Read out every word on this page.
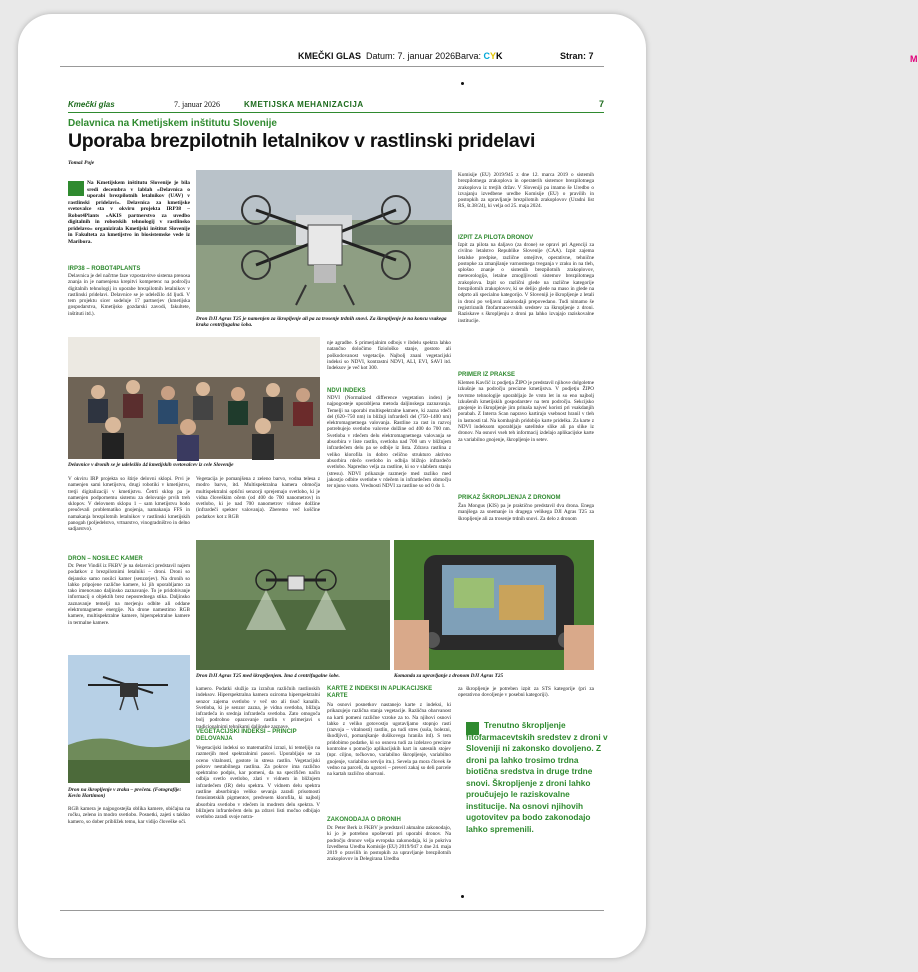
KMEČKI GLAS Datum: 7. januar 2026 Barva: C	M
YK	Stran: 7
Kmečki glas	7. januar 2026	KMETIJSKA MEHANIZACIJA	7
Delavnica na Kmetijskem inštitutu Slovenije
Uporaba brezpilotnih letalnikov v rastlinski pridelavi
Tomaž Poje
Na Kmetijskem inštitutu Slovenije je bila sredi decembra v lablah »Delavnica o uporabi brezpilotnih letalnikov (UAV) v rastlinski pridelavi«. Delavnica za kmetijske svetovalce sta v okviru projekta IRP38 – Robot4Plants »AKIS partnerstvo za uvedbo digitalnih in robotskih tehnologij v rastlinsko pridelavo« organizirala Kmetijski inštitut Slovenije in Fakulteta za kmetijstvo in biosistemske vede iz Maribora.
IRP38 – ROBOT4PLANTS
Delavnica je del načrtne faze vzpostavitve sistema prenosa znanja in je namenjena krepitvi kompetenc na področju digitalnih tehnologij in uporabe brezpilotnih letalnikov v rastlinski pridelavi. Delavnice se je udeležilo 44 ljudi. V tem projektu sicer sodeluje 17 partnerjev (kmetijska gospodarstva, Kmetijsko gozdarski zavodi, fakultete, inštituti itd.).
Dron DJI Agras T25 je namenjen za škropljenje ali pa za trosenje trdnih snovi. Za škropljenje je na koncu vsakega kraka centrifugalna šoba.
Komisije (EU) 2019/945 z dne 12. marca 2019 o sistemih brezpilotnega zrakoplova in operaterih sistemov brezpilotnega zrakoplova iz tretjih držav. V Sloveniji pa imamo še Uredbo o izvajanju izvedbene uredbe Komisije (EU) o pravilih in postopkih za upravljanje brezpilotnih zrakoplovov (Uradni list RS, št.38/24), ki velja od 25. maja 2024.
IZPIT ZA PILOTA DRONOV
Izpit za pilota na daljavo (za drone) se opravi pri Agenciji za civilno letalstvo Republike Slovenije (CAA). Izpit zajema letalske predpise, različne omejitve, operativne, tehnične postopke za zmanjšanje varnostnega tveganja v zraku in na tleh, splošno znanje o sistemih brezpilotnih zrakoplovov, meteorologijo, letalne zmogljivosti sistemov brezpilotnega zrakoplova. Izpit so različni glede na različne kategorije brezpilotnih zrakoplovov, ki se delijo glede na maso in glede na odprto ali specialno kategorijo. V Sloveniji je škropljenje z letali in droni po veljavni zakonodaji prepovedano. Tudi nimamo še registriranih fitofarmacevtskih sredstev za škropljenje z droni. Raziskave s škropljenju z droni pa lahko izvajajo raziskovalne institucije.
PRIMER IZ PRAKSE
Klemen Kavčič iz podjetja ŽIPO je predstavil njihove dolgoletne izkušnje na področju precizne kmetijstva. V podjetju ŽIPO tovrstne tehnologije uporabljajo že vrsto let in so eno najbolj izkušenih kmetijskih gospodarstev na tem področju. Sekcijsko gnojenje in škropljenje jim prinaša najveć koristi pri vsakdanjih porabah. Z Interra Scan napravo kartirajo vsebnost hranil v tleh in lastnosti tal. Na kombajnih pridobijo karte pridelka. Za karte z NDVI indeksom uporabljajo satelitske slike ali pa slike iz dronov. Na osnovi vseh teh informacij izdelajo aplikacijske karte za variabilno gnojenje, škropljenje in setev.
PRIKAZ ŠKROPLJENJA Z DRONOM
Žan Mongus (KIS) pa je praktično predstavil dva drona. Enega manjšega za snemanje in dragega velikega DJI Agras T25 za škropljenje ali za trosenje trdnih snovi. Za delo z dronom
Delavnice v dronih se je udeležilo 44 kmetijskih svetovalcev iz cele Slovenije
V okviru IRP projekta so štirje delovni sklopi. Prvi je namenjen sami kmetijstvu, drugi robotiki v kmetijstvu, tretji digitalizaciji v kmetijstvu. Četrti sklop pa je namenjen podpornemu sistemu za delovanje prvih treh sklopov. V delovnem sklopu 1 – sam kmetijstvu bodo preučevali problematiko gnojenja, namakanja FFS in namakanja brezpilotnih letalnikov v rastlinski kmetijskih panogah (poljedelstvo, vrtnarstvo, vinogradništvo in delno sadjarstvo).
DRON – NOSILEC KAMER
Dr. Peter Vindiš iz FKBV je na delavnici predstavil najem podatkov z brezpilotnimi letalniki – droni. Droni so dejansko samo nosilci kamer (senzorjev). Na dronih so lahko pripojene različne kamere, ki jih uporabljamo za tako imenovano daljinsko zaznavanje. To je pridobivanje informacij o objektih brez neposrednega stika. Daljinsko zaznavanje temelji na merjenju odbite ali oddane elektromagnetne energije. Na drone namestimo RGB kamere, multispektralne kamere, hiperspektralne kamere in termalne kamere.
Vegetacija je pomanjšena z zeleno barvo, vodna telesa z modro barvo, itd. Multispektralna kamera območja multispektralni optični senzorji sprejemajo svetlobo, ki je vidna človeškim očem (od 400 do 700 nanometrov) in svetlobo, ki je nad 700 nanometrov vidnoe dolžine (infrardeči spekter valovanja). Zberemo več koščine podatkov kot z RGB
nje agradbe. S primerjalnim odbojs v ibdelu spektra lahko natančno določimo fiziološko stanje, gostoto ali poškodovanost vegetacije. Najbolj znani vegetacijski indeksi so NDVI, kontrastni NDVI, ALI, EVI, SAVI itd. Indeksov je več kot 300.
NDVI INDEKS
NDVI (Normalized difference vegetation index) je najpogosteje uporabljena metoda daljinskega zaznavanja. Temelji na uporabi multispektralne kamere, ki zazna rdeči del (620–750 nm) in bližnji infrardeči del (750–1400 nm) elektromagnetnega valovanja. Rastline za rast in razvoj potrebujejo svetlobo valovne dolžine od 400 do 700 nm. Svetloba v rdečem delu elektromagnetnega valovanja se absorbira v liste rastlin, svetloba nad 700 um v bližnjem infrardečem delu pa se odbije iz lista. Zdrava rastlina z veliko klorofila in dobro celično strukturo aktivno absorbira rdečo svetlobo in odbija bližnjo infrardečo svetlobo. Napredno velja za rastline, ki so v slabšem stanju (stresu). NDVI prikazuje razmerje med razliko med jakostjo odbite svetlobe v rdečem in infrardečem območju ter njuno vsoto. Vrednosti NDVI za rastline so od 0 do 1.
Dron DJI Agras T25 med škropljenjem. Ima 4 centrifugalne šobe.	Komanda za upravljanje z dronom DJI Agras T25
Dron na škropljenje v zraku – prečeta. (Fotografije: Kevin Hartimon)
RGB kamera je najpogostejša oblika kamere, običajna na ročku, zeleno in modro svetlobo. Posnetki, zajeti s takšno kamero, so dober približek temu, kar vidijo človeške oči.
kamero. Podatki služijo za izračun različnih rastlinskih indeksov. Hiperspektralna kamera oziroma hiperspektralni senzor zajema svetlobo v več sto ali tisoč kanalih. Svetloba, ki je senzor zazna, je vidna svetloba, bližnja infrardeča in srednja infrardeča svetloba. Zato omogoča bolj podrobno opazovanje rastlin v primerjavi s tradicionalnimi tehnikami daljinske zaznave.
VEGETACIJSKI INDEKSI – PRINCIP DELOVANJA
Vegetacijski indeksi so matematični izrazi, ki temeljijo na razmerjih med spektralnimi pasovi. Uporabljajo se za oceno vitalnosti, gostote in stresa rastlin. Vegetacijski pokrov nestabilnega rastlina. Za pokrov ima različno spektralno podpis, kar pomeni, da na specifičen način odbija svetlo svetlobo, zlati v vidnem in bližnjem infrardečem (IR) delu spektra. V vidnem delu spektra rastline absorbirajo veliko sevanja zaradi prisotnosti fotosintetskih pigmentov, predvsem klorofila, ki najbolj absorbira svetlobo v rdečem in modrem delu spektra. V bližnjem infrardečem delu pa zdravi listi močno odbijajo svetlobo zaradi svoje notra-
KARTE Z INDEKSI IN APLIKACIJSKE KARTE
Na osnovi posnetkov nastanejo karte z indeksi, ki prikazujejo različna stanja vegetacije. Različna obarvanost na karti pomeni različne vzroke za to. Na njihovi osnovi lahko z veliko gotovostjo ugotavljamo stopnjo rasti (razvoja – vitalnosti) rastlin, pa tudi stres (suša, bolezni, škodljivci, pomanjkanje dušikovega hranila itd). S tem pridobimo podatke, ki so osnova tudi za izdelavo precizne kontrolne s pomočjo aplikacijskih kart in satesnih stojev (npr. ciljno, točkovno, variabilno škropljenje, variabilno gnojenje, variabilno setvijo itn.). Sevela pa mora človek še vedno na parceli, da ugotovi – preveri zakaj so deli parcele na kartah različno obarvani.
ZAKONODAJA O DRONIH
Dr. Peter Berk iz FKBV je predstavil aktualno zakonodajo, ki jo je potrebno upoštevati pri uporabi dronov. Na področju dronov velja evropska zakonodaja, ki jo pokriva Izvedbena Uredba Komisije (EU) 2019/947 z dne 24. maja 2019 o pravilih in postopkih za upravljanje brezpilotnih zrakoplovov in Delegirana Uredba
za škropljenje je potreben izpit za STS kategorije (pri za operativno dovoljenje v posebni kategoriji).
Trenutno škropljenje fitofarmacevtskih sredstev z droni v Sloveniji ni zakonsko dovoljeno. Z droni pa lahko trosimo trdna biotična sredstva in druge trdne snovi. Škropljenje z droni lahko proučujejo le raziskovalne institucije. Na osnovi njihovih ugotovitev pa bodo zakonodajo lahko spremenili.
